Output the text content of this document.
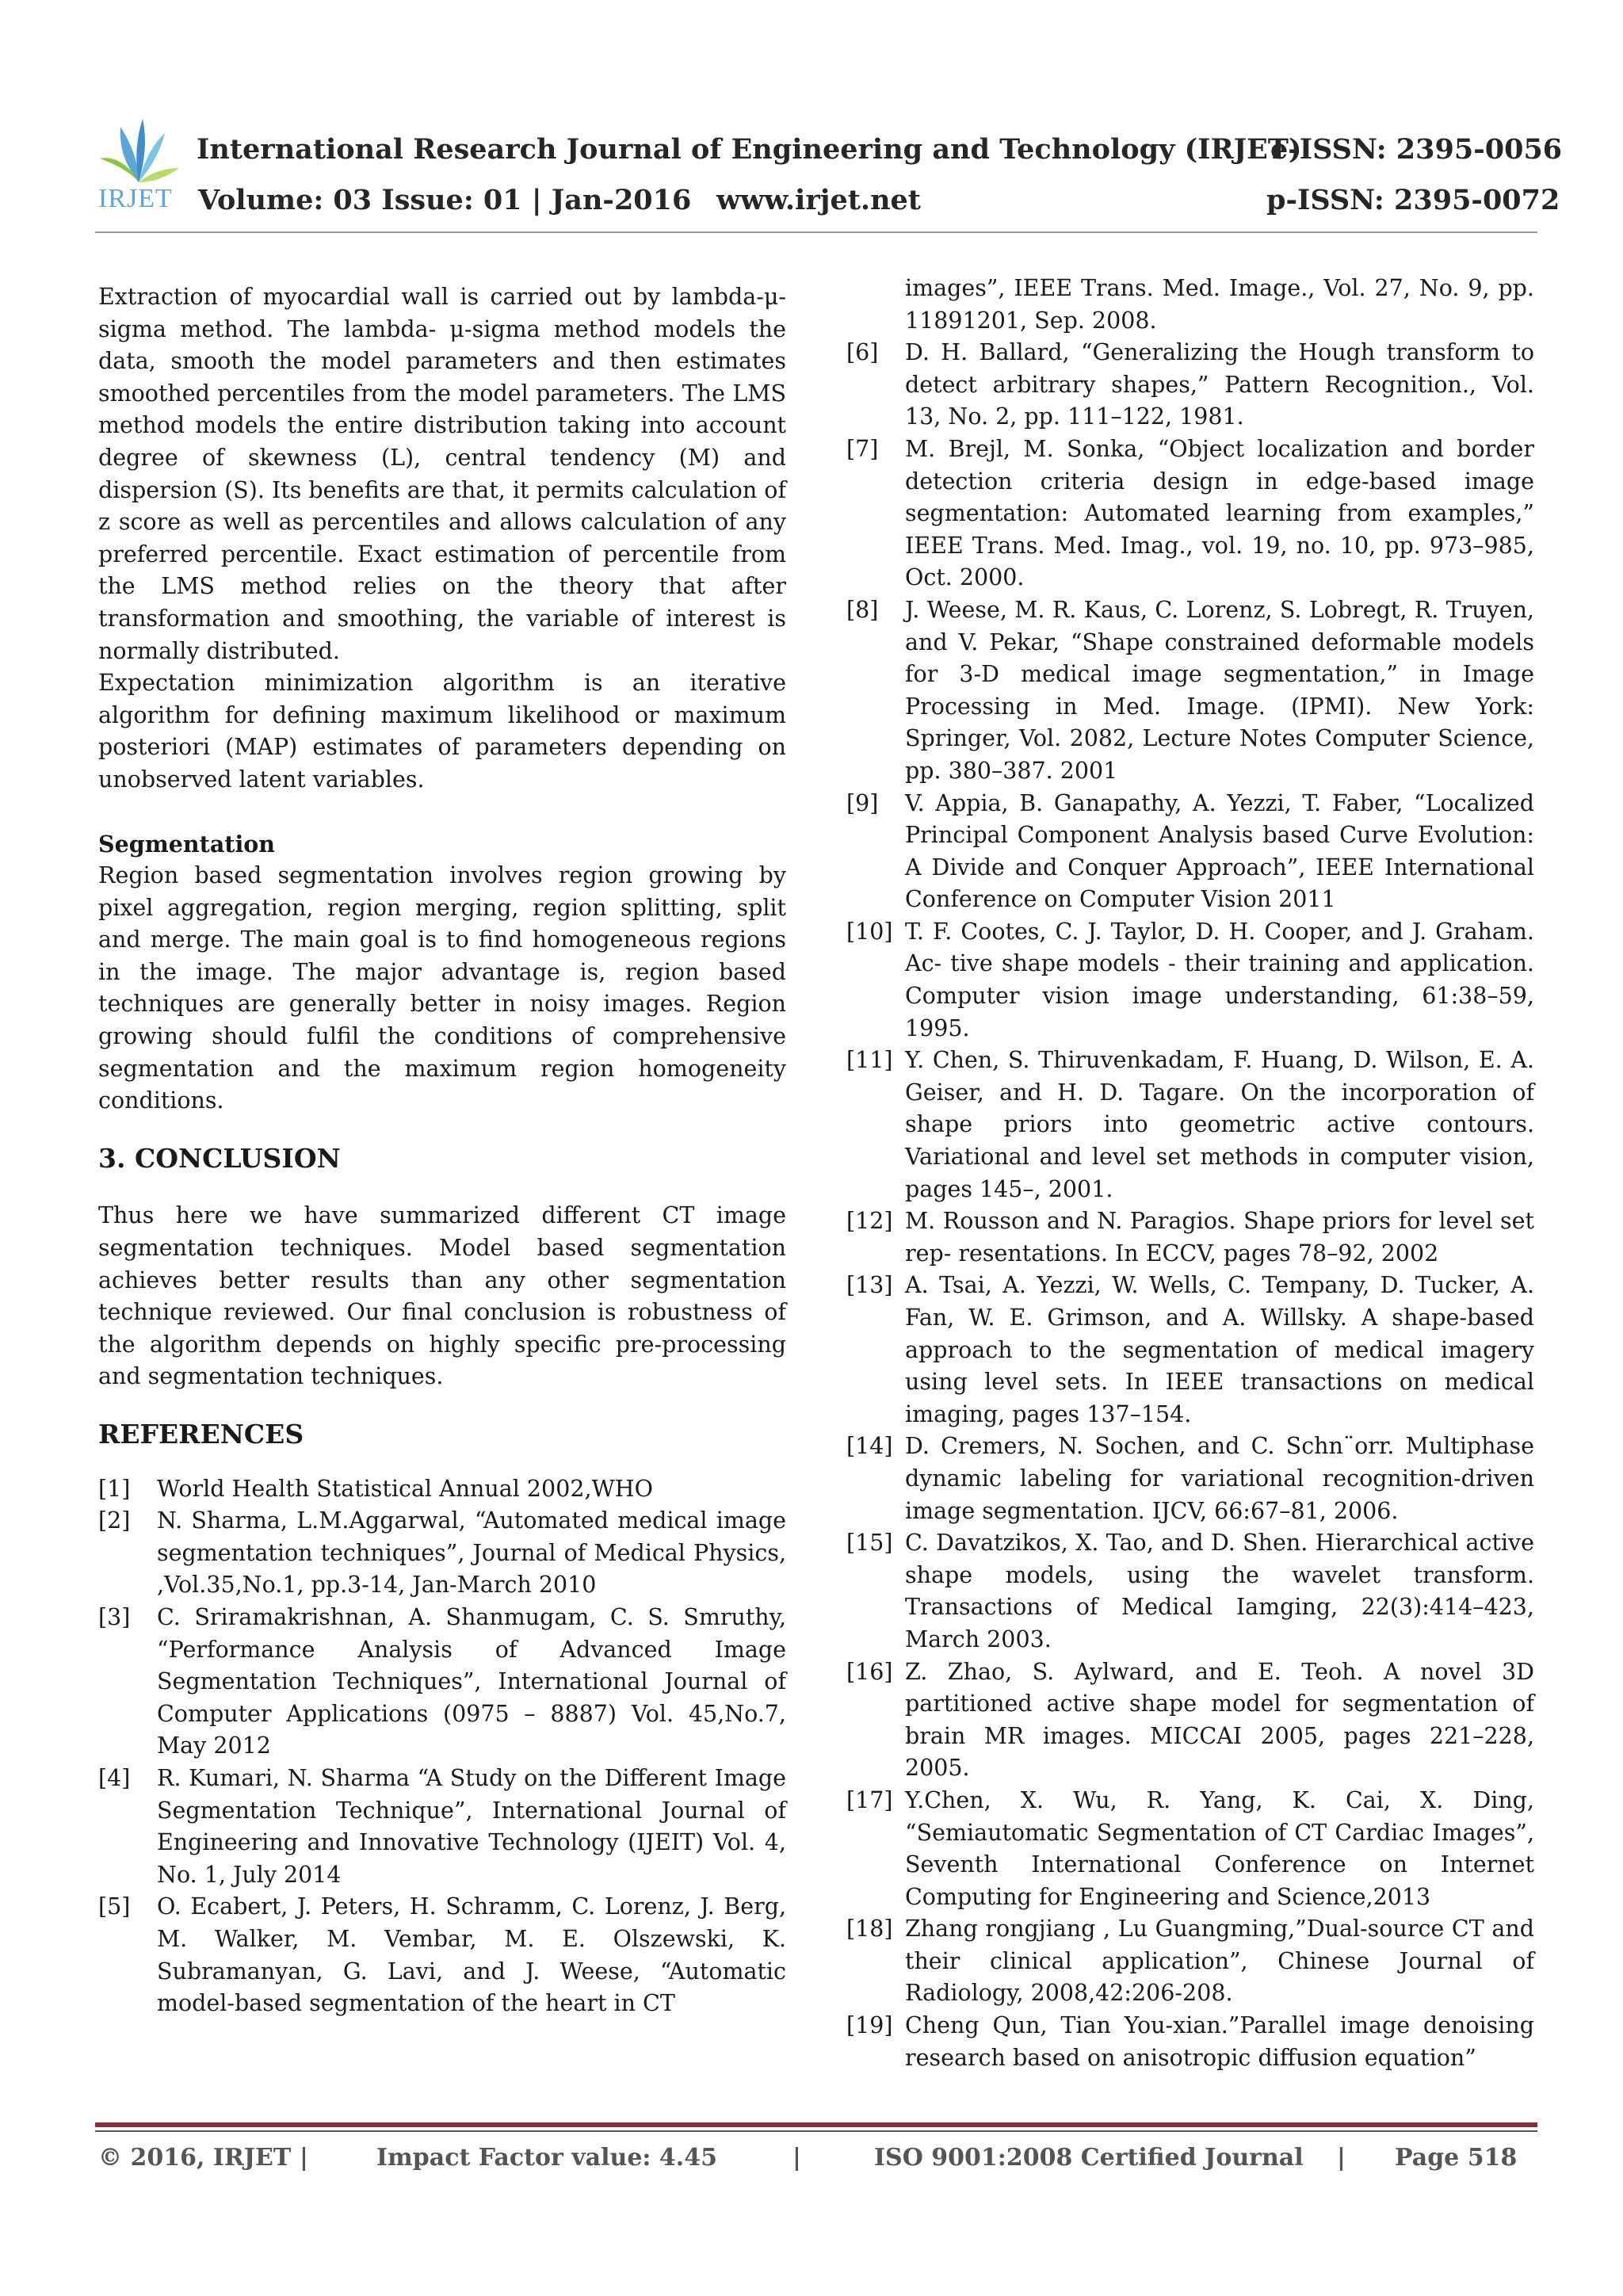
IRJET
International Research Journal of Engineering and Technology (IRJET)
e-ISSN: 2395-0056
Volume: 03 Issue: 01 | Jan-2016 www.irjet.net	p-ISSN: 2395-0072

Extraction of myocardial wall is carried out by lambda-μ-sigma method. The lambda- μ-sigma method models the data, smooth the model parameters and then estimates smoothed percentiles from the model parameters. The LMS method models the entire distribution taking into account degree of skewness (L), central tendency (M) and dispersion (S). Its benefits are that, it permits calculation of z score as well as percentiles and allows calculation of any preferred percentile. Exact estimation of percentile from the LMS method relies on the theory that after transformation and smoothing, the variable of interest is normally distributed.

Expectation minimization algorithm is an iterative algorithm for defining maximum likelihood or maximum posteriori (MAP) estimates of parameters depending on unobserved latent variables.

Segmentation

Region based segmentation involves region growing by pixel aggregation, region merging, region splitting, split and merge. The main goal is to find homogeneous regions in the image. The major advantage is, region based techniques are generally better in noisy images. Region growing should fulfil the conditions of comprehensive segmentation and the maximum region homogeneity conditions.

3. CONCLUSION

Thus here we have summarized different CT image segmentation techniques. Model based segmentation achieves better results than any other segmentation technique reviewed. Our final conclusion is robustness of the algorithm depends on highly specific pre-processing and segmentation techniques.

REFERENCES

[1]	World Health Statistical Annual 2002,WHO
[2]	N. Sharma, L.M.Aggarwal, “Automated medical image segmentation techniques”, Journal of Medical Physics, ,Vol.35,No.1, pp.3-14, Jan-March 2010
[3]	C. Sriramakrishnan, A. Shanmugam, C. S. Smruthy, “Performance Analysis of Advanced Image Segmentation Techniques”, International Journal of Computer Applications (0975 – 8887) Vol. 45,No.7, May 2012
[4]	R. Kumari, N. Sharma “A Study on the Different Image Segmentation Technique”, International Journal of Engineering and Innovative Technology (IJEIT) Vol. 4, No. 1, July 2014
[5]	O. Ecabert, J. Peters, H. Schramm, C. Lorenz, J. Berg, M. Walker, M. Vembar, M. E. Olszewski, K. Subramanyan, G. Lavi, and J. Weese, “Automatic model-based segmentation of the heart in CT
images”, IEEE Trans. Med. Image., Vol. 27, No. 9, pp. 11891201, Sep. 2008.
[6]	D. H. Ballard, “Generalizing the Hough transform to detect arbitrary shapes,” Pattern Recognition., Vol. 13, No. 2, pp. 111–122, 1981.
[7]	M. Brejl, M. Sonka, “Object localization and border detection criteria design in edge-based image segmentation: Automated learning from examples,” IEEE Trans. Med. Imag., vol. 19, no. 10, pp. 973–985, Oct. 2000.
[8]	J. Weese, M. R. Kaus, C. Lorenz, S. Lobregt, R. Truyen, and V. Pekar, “Shape constrained deformable models for 3-D medical image segmentation,” in Image Processing in Med. Image. (IPMI). New York: Springer, Vol. 2082, Lecture Notes Computer Science, pp. 380–387. 2001
[9]	V. Appia, B. Ganapathy, A. Yezzi, T. Faber, “Localized Principal Component Analysis based Curve Evolution: A Divide and Conquer Approach”, IEEE International Conference on Computer Vision 2011
[10] T. F. Cootes, C. J. Taylor, D. H. Cooper, and J. Graham. Ac- tive shape models - their training and application. Computer vision image understanding, 61:38–59, 1995.
[11] Y. Chen, S. Thiruvenkadam, F. Huang, D. Wilson, E. A. Geiser, and H. D. Tagare. On the incorporation of shape priors into geometric active contours. Variational and level set methods in computer vision, pages 145–, 2001.
[12] M. Rousson and N. Paragios. Shape priors for level set rep- resentations. In ECCV, pages 78–92, 2002
[13] A. Tsai, A. Yezzi, W. Wells, C. Tempany, D. Tucker, A. Fan, W. E. Grimson, and A. Willsky. A shape-based approach to the segmentation of medical imagery using level sets. In IEEE transactions on medical imaging, pages 137–154.
[14] D. Cremers, N. Sochen, and C. Schn¨orr. Multiphase dynamic labeling for variational recognition-driven image segmentation. IJCV, 66:67–81, 2006.
[15] C. Davatzikos, X. Tao, and D. Shen. Hierarchical active shape models, using the wavelet transform. Transactions of Medical Iamging, 22(3):414–423, March 2003.
[16] Z. Zhao, S. Aylward, and E. Teoh. A novel 3D partitioned active shape model for segmentation of brain MR images. MICCAI 2005, pages 221–228, 2005.
[17] Y.Chen, X. Wu, R. Yang, K. Cai, X. Ding, “Semiautomatic Segmentation of CT Cardiac Images”, Seventh International Conference on Internet Computing for Engineering and Science,2013
[18] Zhang rongjiang , Lu Guangming,”Dual-source CT and their clinical application”, Chinese Journal of Radiology, 2008,42:206-208.
[19] Cheng Qun, Tian You-xian.”Parallel image denoising research based on anisotropic diffusion equation”
© 2016, IRJET |	Impact Factor value: 4.45	|	ISO 9001:2008 Certified Journal | Page 518
